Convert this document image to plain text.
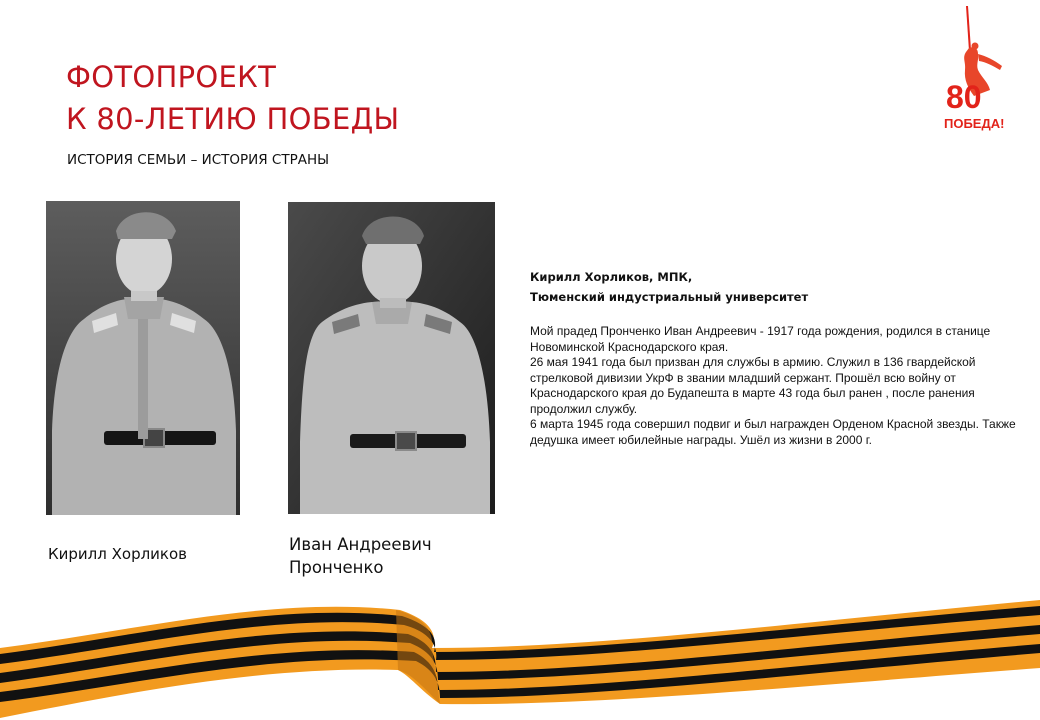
ФОТОПРОЕКТ
К 80-ЛЕТИЮ ПОБЕДЫ
ИСТОРИЯ СЕМЬИ – ИСТОРИЯ СТРАНЫ
80
ПОБЕДА!
Кирилл Хорликов	Иван Андреевич
Пронченко
Кирилл Хорликов, МПК,
Тюменский индустриальный университет

Мой прадед Пронченко Иван Андреевич - 1917 года рождения, родился в станице Новоминской Краснодарского края.

26 мая 1941 года был призван для службы в армию. Служил в 136 гвардейской стрелковой дивизии УкрФ в звании младший сержант. Прошёл всю войну от Краснодарского края до Будапешта в марте 43 года был ранен , после ранения продолжил службу.

6 марта 1945 года совершил подвиг и был награжден Орденом Красной звезды. Также дедушка имеет юбилейные награды. Ушёл из жизни в 2000 г.
